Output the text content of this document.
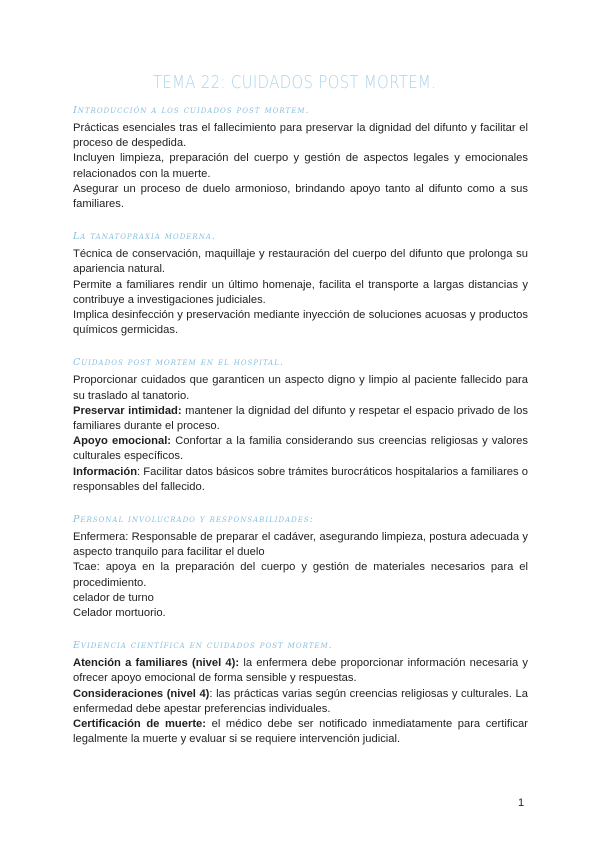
TEMA 22: CUIDADOS POST MORTEM.
Introducción a los cuidados post mortem.

Prácticas esenciales tras el fallecimiento para preservar la dignidad del difunto y facilitar el proceso de despedida.

Incluyen limpieza, preparación del cuerpo y gestión de aspectos legales y emocionales relacionados con la muerte.

Asegurar un proceso de duelo armonioso, brindando apoyo tanto al difunto como a sus familiares.

La tanatopraxia moderna.

Técnica de conservación, maquillaje y restauración del cuerpo del difunto que prolonga su apariencia natural.

Permite a familiares rendir un último homenaje, facilita el transporte a largas distancias y contribuye a investigaciones judiciales.

Implica desinfección y preservación mediante inyección de soluciones acuosas y productos químicos germicidas.

Cuidados post mortem en el hospital.

Proporcionar cuidados que garanticen un aspecto digno y limpio al paciente fallecido para su traslado al tanatorio.

Preservar intimidad: mantener la dignidad del difunto y respetar el espacio privado de los familiares durante el proceso.

Apoyo emocional: Confortar a la familia considerando sus creencias religiosas y valores culturales específicos.

Información: Facilitar datos básicos sobre trámites burocráticos hospitalarios a familiares o responsables del fallecido.

Personal involucrado y responsabilidades:

Enfermera: Responsable de preparar el cadáver, asegurando limpieza, postura adecuada y aspecto tranquilo para facilitar el duelo

Tcae: apoya en la preparación del cuerpo y gestión de materiales necesarios para el procedimiento.

celador de turno

Celador mortuorio.

Evidencia científica en cuidados post mortem.

Atención a familiares (nivel 4): la enfermera debe proporcionar información necesaria y ofrecer apoyo emocional de forma sensible y respuestas.

Consideraciones (nivel 4): las prácticas varias según creencias religiosas y culturales. La enfermedad debe apestar preferencias individuales.

Certificación de muerte: el médico debe ser notificado inmediatamente para certificar legalmente la muerte y evaluar si se requiere intervención judicial.

1
